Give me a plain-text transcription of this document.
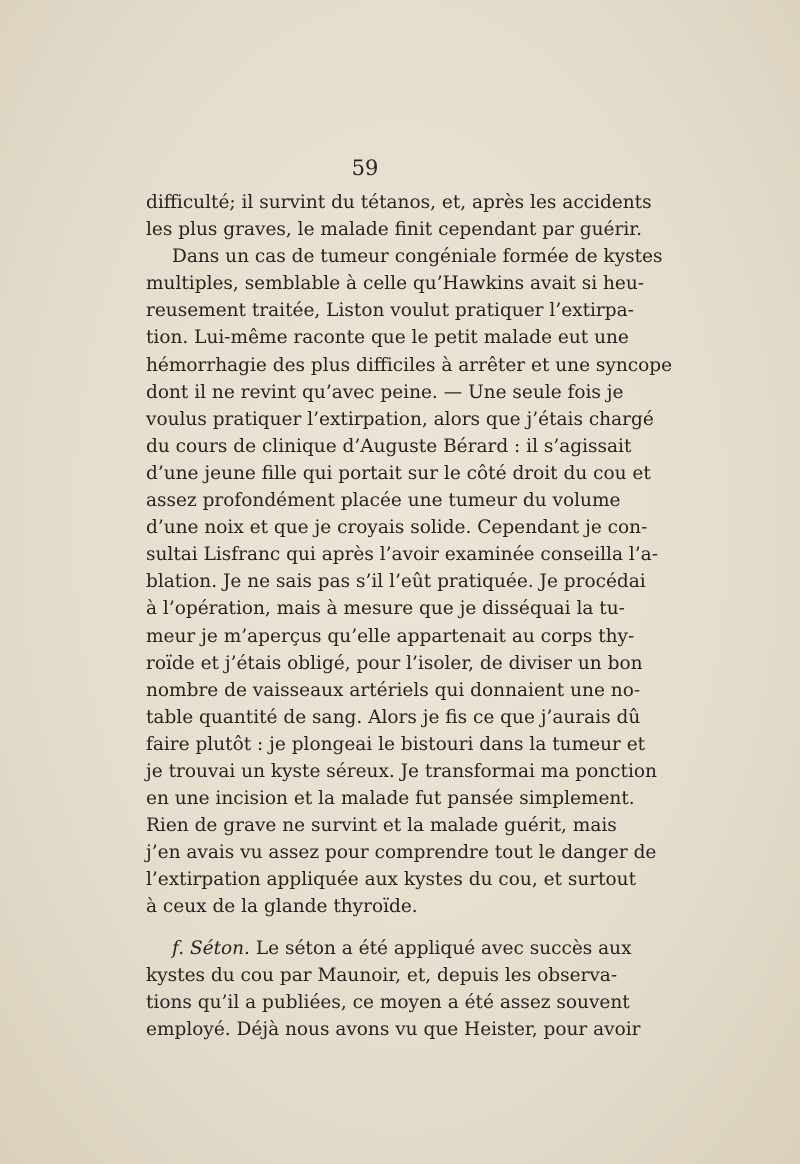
59
difficulté; il survint du tétanos, et, après les accidents
les plus graves, le malade finit cependant par guérir.
Dans un cas de tumeur congéniale formée de kystes
multiples, semblable à celle qu’Hawkins avait si heu-
reusement traitée, Liston voulut pratiquer l’extirpa-
tion. Lui-même raconte que le petit malade eut une
hémorrhagie des plus difficiles à arrêter et une syncope
dont il ne revint qu’avec peine. — Une seule fois je
voulus pratiquer l’extirpation, alors que j’étais chargé
du cours de clinique d’Auguste Bérard : il s’agissait
d’une jeune fille qui portait sur le côté droit du cou et
assez profondément placée une tumeur du volume
d’une noix et que je croyais solide. Cependant je con-
sultai Lisfranc qui après l’avoir examinée conseilla l’a-
blation. Je ne sais pas s’il l’eût pratiquée. Je procédai
à l’opération, mais à mesure que je disséquai la tu-
meur je m’aperçus qu’elle appartenait au corps thy-
roïde et j’étais obligé, pour l’isoler, de diviser un bon
nombre de vaisseaux artériels qui donnaient une no-
table quantité de sang. Alors je fis ce que j’aurais dû
faire plutôt : je plongeai le bistouri dans la tumeur et
je trouvai un kyste séreux. Je transformai ma ponction
en une incision et la malade fut pansée simplement.
Rien de grave ne survint et la malade guérit, mais
j’en avais vu assez pour comprendre tout le danger de
l’extirpation appliquée aux kystes du cou, et surtout
à ceux de la glande thyroïde.
f. Séton. Le séton a été appliqué avec succès aux
kystes du cou par Maunoir, et, depuis les observa-
tions qu’il a publiées, ce moyen a été assez souvent
employé. Déjà nous avons vu que Heister, pour avoir
